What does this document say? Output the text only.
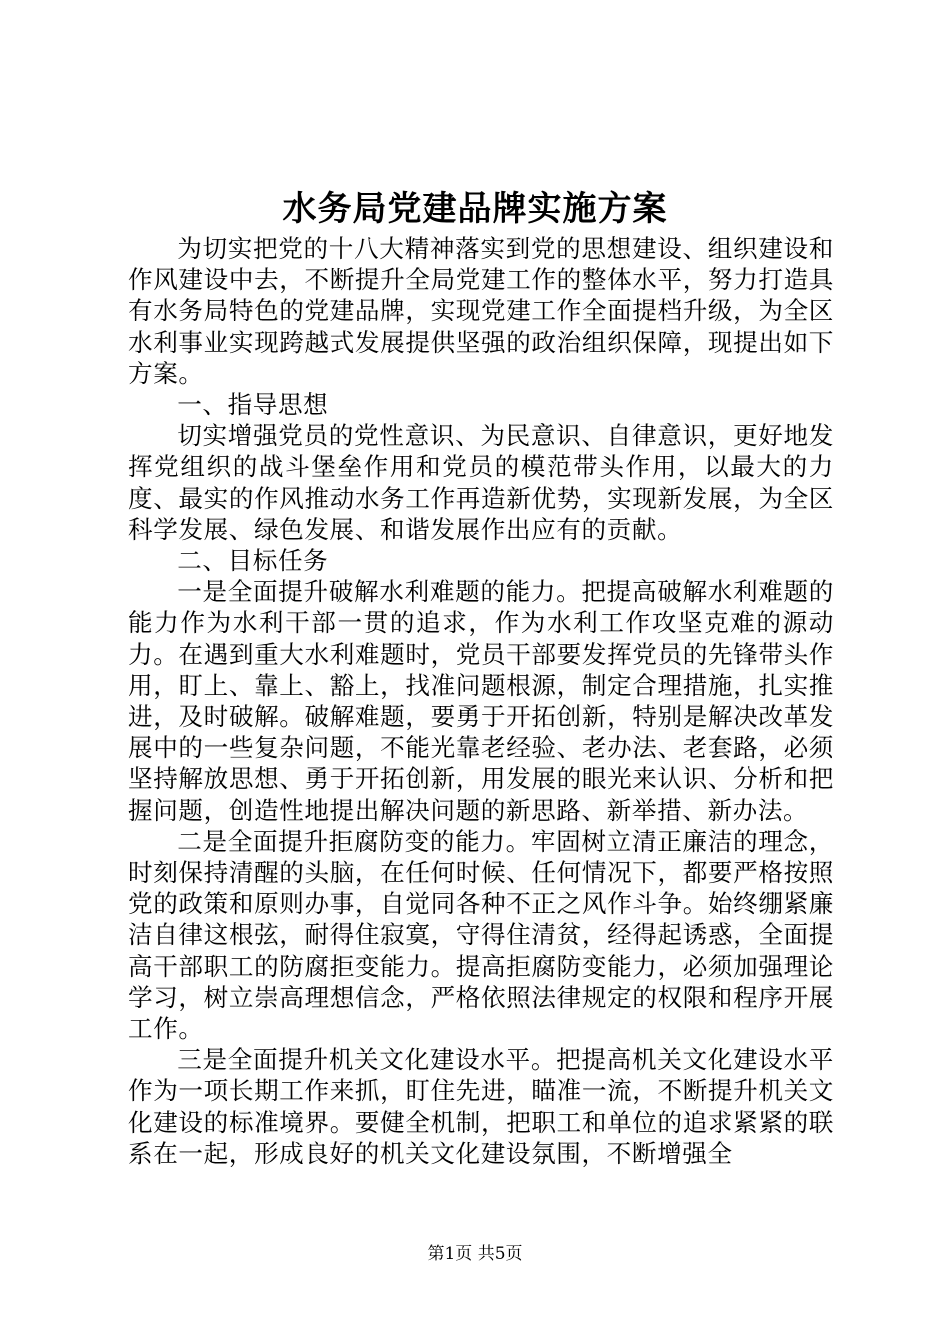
水务局党建品牌实施方案

为切实把党的十八大精神落实到党的思想建设、组织建设和作风建设中去，不断提升全局党建工作的整体水平，努力打造具有水务局特色的党建品牌，实现党建工作全面提档升级，为全区水利事业实现跨越式发展提供坚强的政治组织保障，现提出如下方案。

一、指导思想

切实增强党员的党性意识、为民意识、自律意识，更好地发挥党组织的战斗堡垒作用和党员的模范带头作用，以最大的力度、最实的作风推动水务工作再造新优势，实现新发展，为全区科学发展、绿色发展、和谐发展作出应有的贡献。

二、目标任务

一是全面提升破解水利难题的能力。把提高破解水利难题的能力作为水利干部一贯的追求，作为水利工作攻坚克难的源动力。在遇到重大水利难题时，党员干部要发挥党员的先锋带头作用，盯上、靠上、豁上，找准问题根源，制定合理措施，扎实推进，及时破解。破解难题，要勇于开拓创新，特别是解决改革发展中的一些复杂问题，不能光靠老经验、老办法、老套路，必须坚持解放思想、勇于开拓创新，用发展的眼光来认识、分析和把握问题，创造性地提出解决问题的新思路、新举措、新办法。

二是全面提升拒腐防变的能力。牢固树立清正廉洁的理念，时刻保持清醒的头脑，在任何时候、任何情况下，都要严格按照党的政策和原则办事，自觉同各种不正之风作斗争。始终绷紧廉洁自律这根弦，耐得住寂寞，守得住清贫，经得起诱惑，全面提高干部职工的防腐拒变能力。提高拒腐防变能力，必须加强理论学习，树立崇高理想信念，严格依照法律规定的权限和程序开展工作。

三是全面提升机关文化建设水平。把提高机关文化建设水平作为一项长期工作来抓，盯住先进，瞄准一流，不断提升机关文化建设的标准境界。要健全机制，把职工和单位的追求紧紧的联系在一起，形成良好的机关文化建设氛围，不断增强全

第1页 共5页
